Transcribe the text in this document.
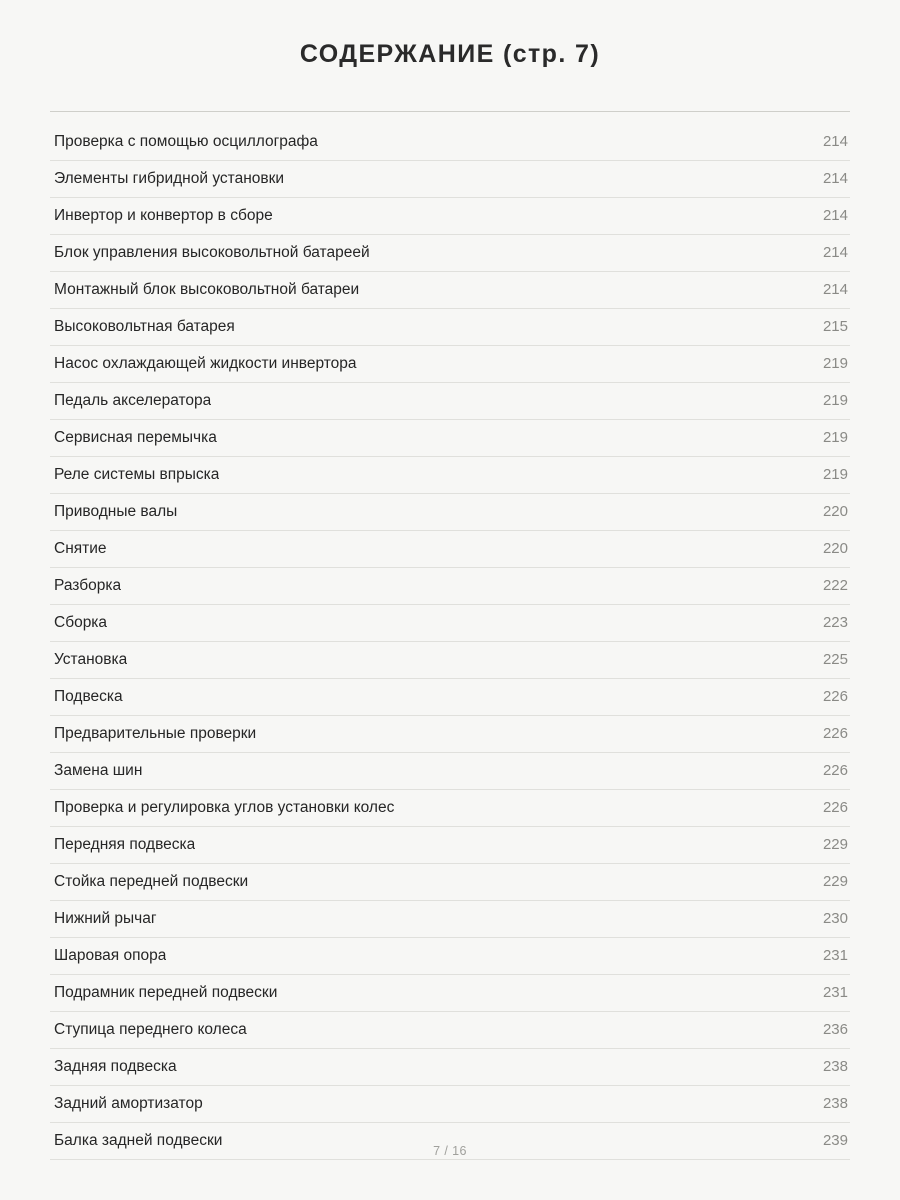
СОДЕРЖАНИЕ (стр. 7)
Проверка с помощью осциллографа	214
Элементы гибридной установки	214
Инвертор и конвертор в сборе	214
Блок управления высоковольтной батареей	214
Монтажный блок высоковольтной батареи	214
Высоковольтная батарея	215
Насос охлаждающей жидкости инвертора	219
Педаль акселератора	219
Сервисная перемычка	219
Реле системы впрыска	219
Приводные валы	220
Снятие	220
Разборка	222
Сборка	223
Установка	225
Подвеска	226
Предварительные проверки	226
Замена шин	226
Проверка и регулировка углов установки колес	226
Передняя подвеска	229
Стойка передней подвески	229
Нижний рычаг	230
Шаровая опора	231
Подрамник передней подвески	231
Ступица переднего колеса	236
Задняя подвеска	238
Задний амортизатор	238
Балка задней подвески	239
7 / 16
